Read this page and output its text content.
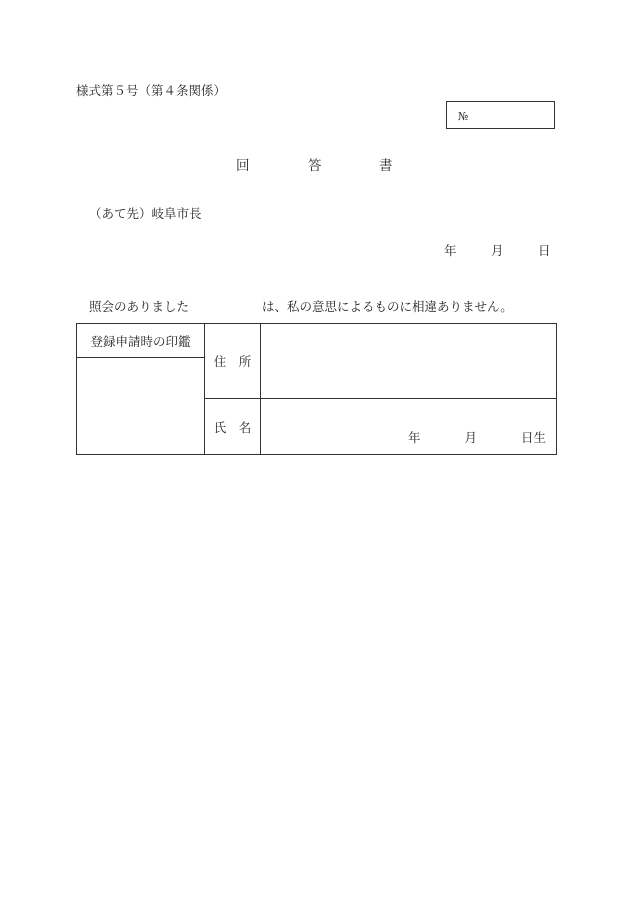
様式第５号（第４条関係）
№
回	答	書
（あて先）岐阜市長
年	月	日
照会のありました	は、私の意思によるものに相違ありません。
登録申請時の印鑑	住　所	

	氏　名	年 月 日生
